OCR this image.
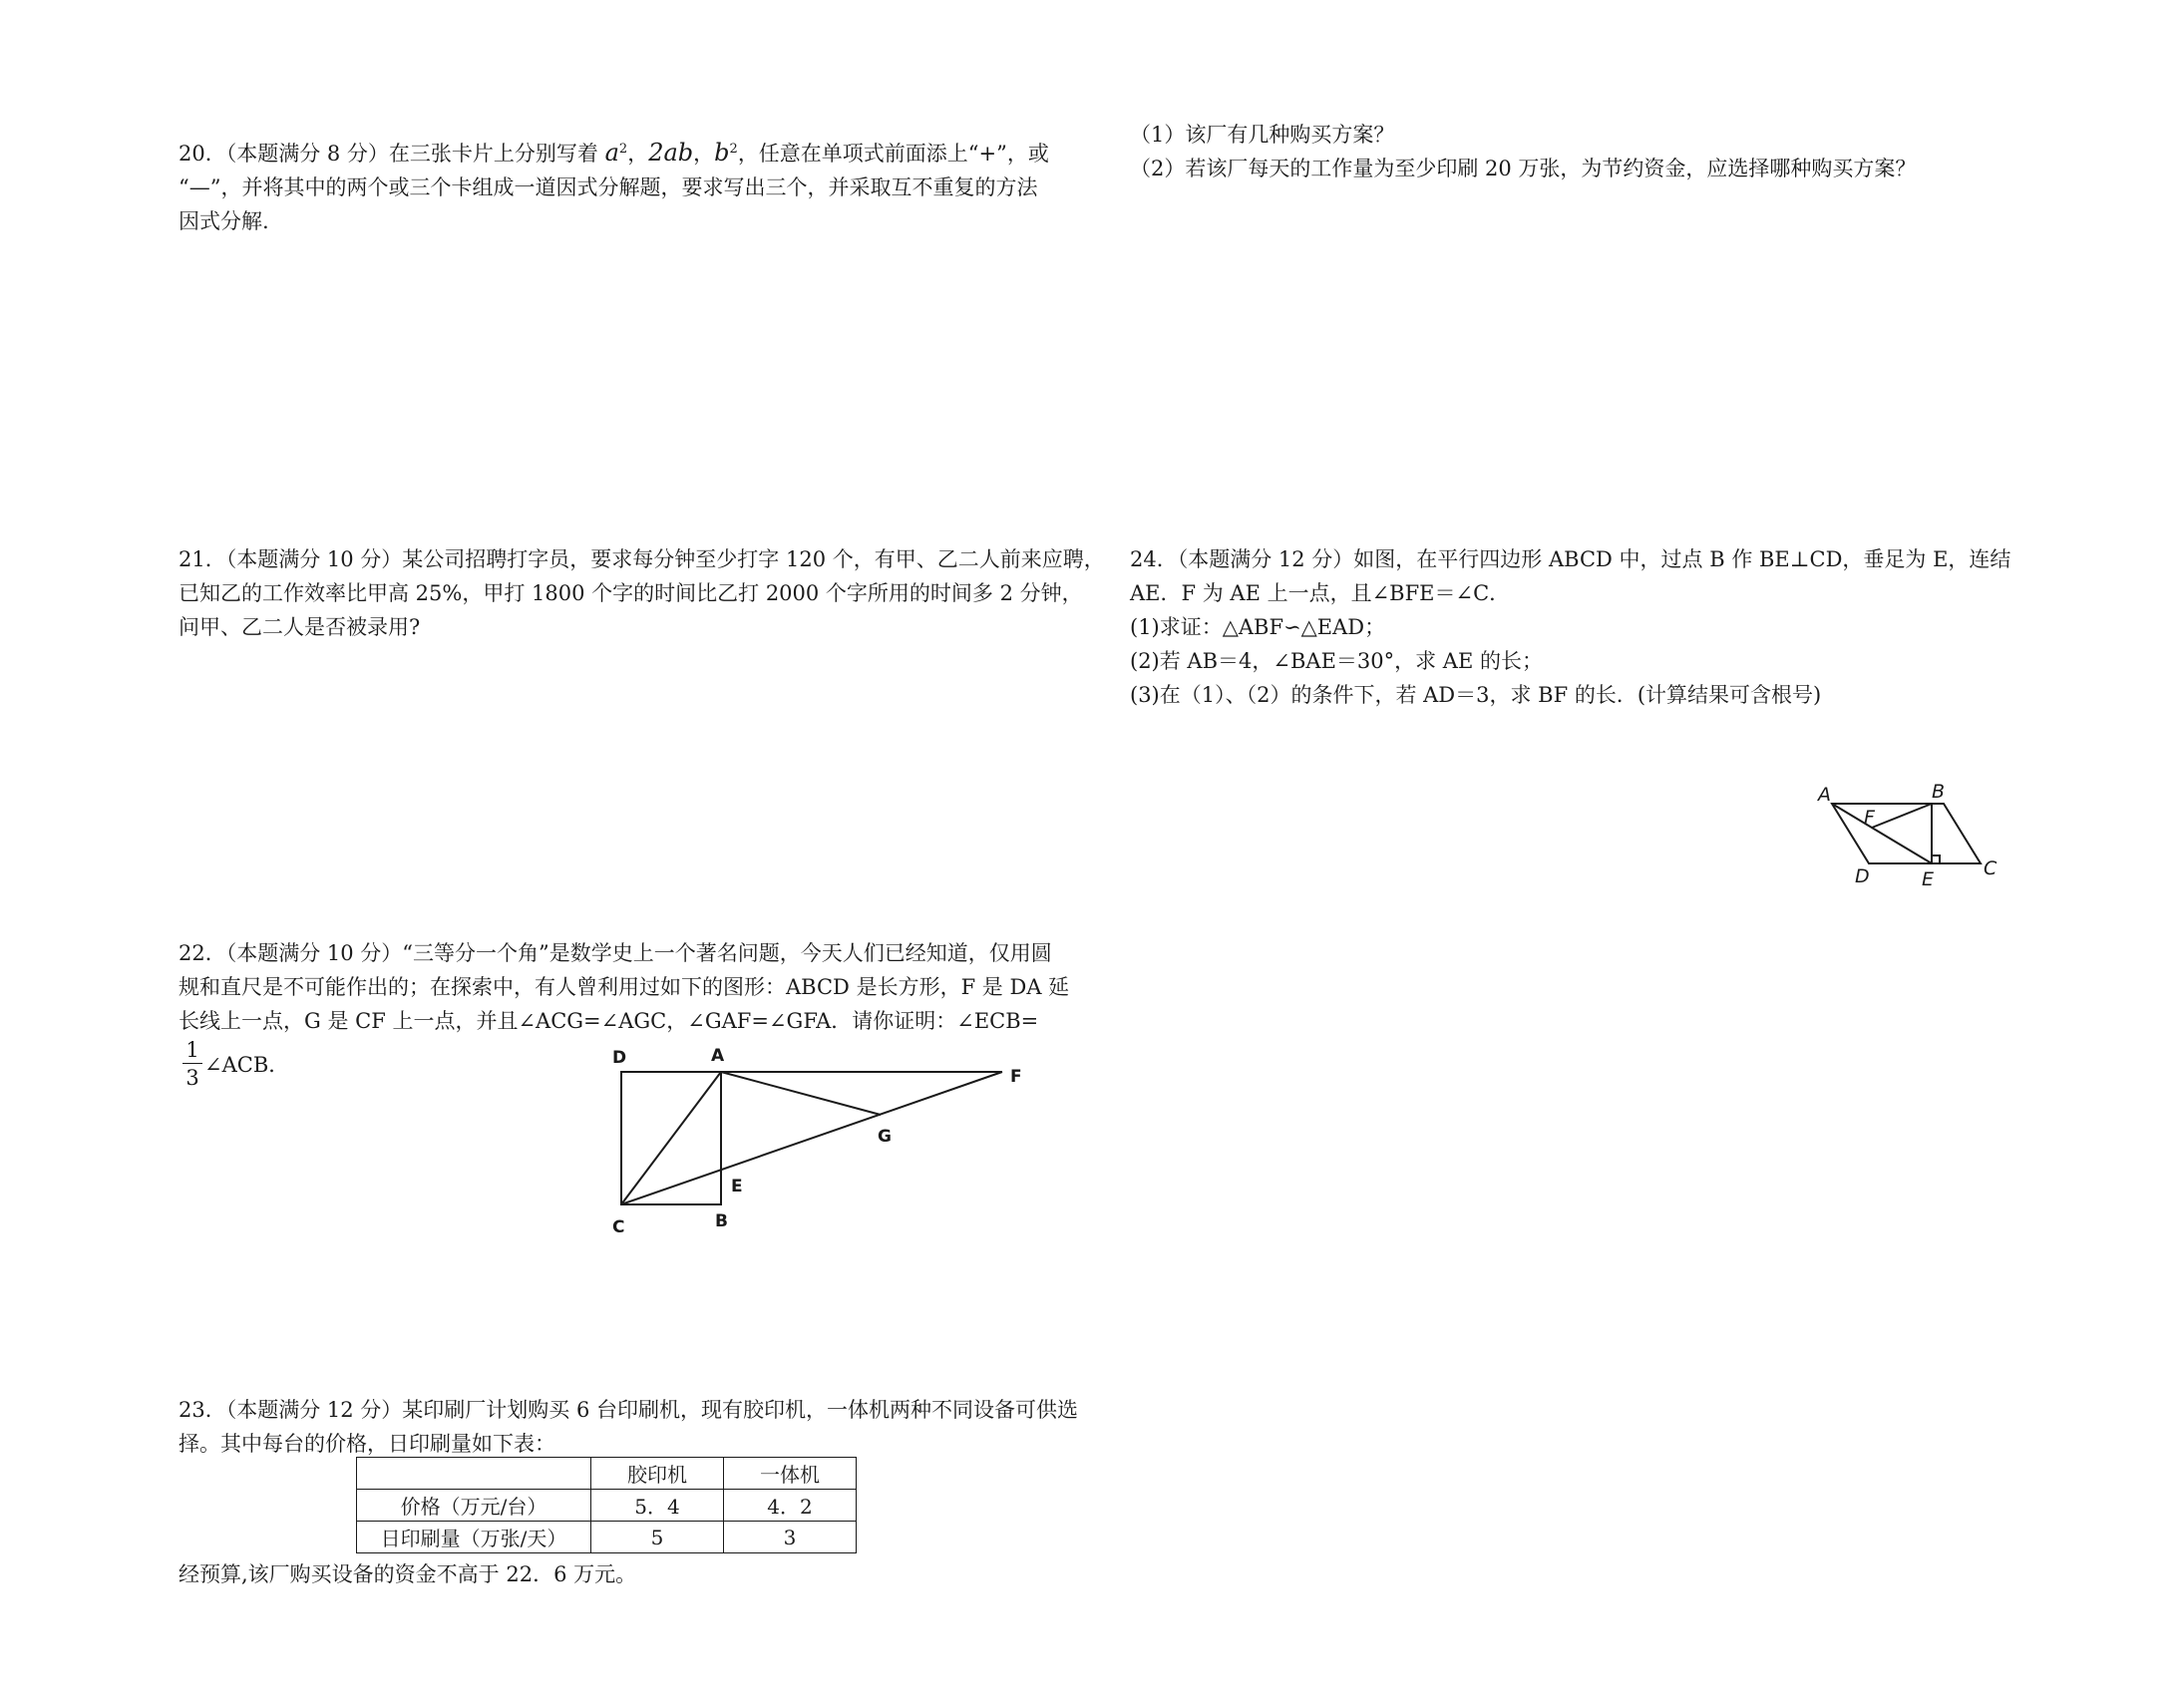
20．（本题满分 8 分）在三张卡片上分别写着 $a^2$，2ab，$b^2$，任意在单项式前面添上“+”，或
“—”，并将其中的两个或三个卡组成一道因式分解题，要求写出三个，并采取互不重复的方法
因式分解.
（1）该厂有几种购买方案？
（2）若该厂每天的工作量为至少印刷 20 万张，为节约资金，应选择哪种购买方案？
21．（本题满分 10 分）某公司招聘打字员，要求每分钟至少打字 120 个，有甲、乙二人前来应聘，
已知乙的工作效率比甲高 25%，甲打 1800 个字的时间比乙打 2000 个字所用的时间多 2 分钟，
问甲、乙二人是否被录用?
24．（本题满分 12 分）如图，在平行四边形 ABCD 中，过点 B 作 BE⊥CD，垂足为 E，连结
AE．F 为 AE 上一点，且∠BFE＝∠C．
(1)求证：△ABF∽△EAD；
(2)若 AB＝4，∠BAE＝30°，求 AE 的长；
(3)在（1）、（2）的条件下，若 AD＝3，求 BF 的长．(计算结果可含根号)
A	B
F
D	E	C
22．（本题满分 10 分）“三等分一个角”是数学史上一个著名问题，今天人们已经知道，仅用圆
规和直尺是不可能作出的；在探索中，有人曾利用过如下的图形：ABCD 是长方形，F 是 DA 延
长线上一点，G 是 CF 上一点，并且∠ACG=∠AGC，∠GAF=∠GFA．请你证明：∠ECB=
$\frac{1}{3}$ ∠ACB．	D	A
F
G
E
C	B
23．（本题满分 12 分）某印刷厂计划购买 6 台印刷机，现有胶印机，一体机两种不同设备可供选
择。其中每台的价格，日印刷量如下表：
	胶印机	一体机
价格（万元/台）	5．4	4．2
日印刷量（万张/天）	5	3
经预算,该厂购买设备的资金不高于 22．6 万元。
